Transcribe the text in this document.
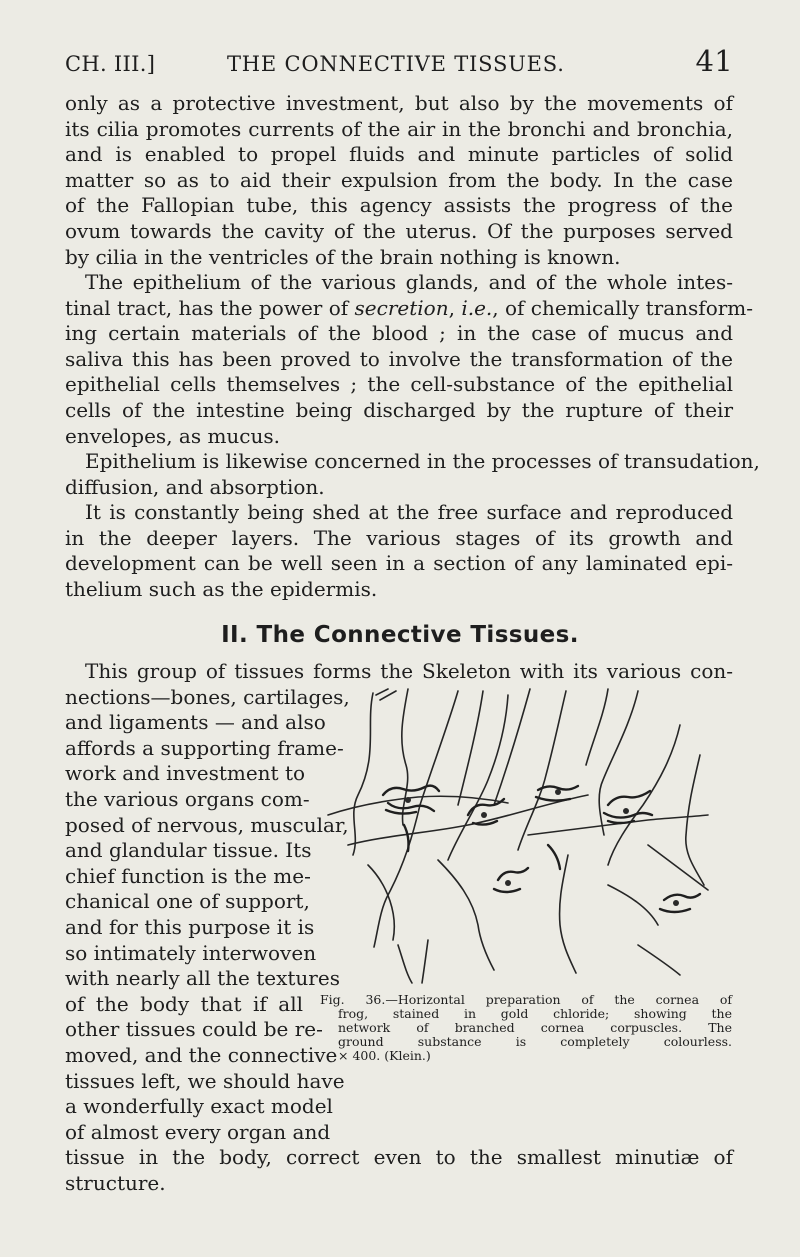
CH. III.]	THE CONNECTIVE TISSUES.	41
only as a protective investment, but also by the movements of
its cilia promotes currents of the air in the bronchi and bronchia,
and is enabled to propel fluids and minute particles of solid
matter so as to aid their expulsion from the body. In the case
of the Fallopian tube, this agency assists the progress of the
ovum towards the cavity of the uterus. Of the purposes served
by cilia in the ventricles of the brain nothing is known.
The epithelium of the various glands, and of the whole intes-
tinal tract, has the power of secretion, i.e., of chemically transform-
ing certain materials of the blood ; in the case of mucus and
saliva this has been proved to involve the transformation of the
epithelial cells themselves ; the cell-substance of the epithelial
cells of the intestine being discharged by the rupture of their
envelopes, as mucus.
Epithelium is likewise concerned in the processes of transudation,
diffusion, and absorption.
It is constantly being shed at the free surface and reproduced
in the deeper layers. The various stages of its growth and
development can be well seen in a section of any laminated epi-
thelium such as the epidermis.
II. The Connective Tissues.
This group of tissues forms the Skeleton with its various con-
nections—bones, cartilages,
and ligaments — and also
affords a supporting frame-
work and investment to
the various organs com-
posed of nervous, muscular,
and glandular tissue. Its
chief function is the me-
chanical one of support,
and for this purpose it is
so intimately interwoven
with nearly all the textures
of the body that if all
other tissues could be re-
moved, and the connective
tissues left, we should have
a wonderfully exact model
of almost every organ and
tissue in the body, correct even to the smallest minutiæ of
structure.
Fig. 36.—Horizontal preparation of the cornea of
frog, stained in gold chloride; showing the
network of branched cornea corpuscles. The
ground substance is completely colourless.
× 400. (Klein.)
